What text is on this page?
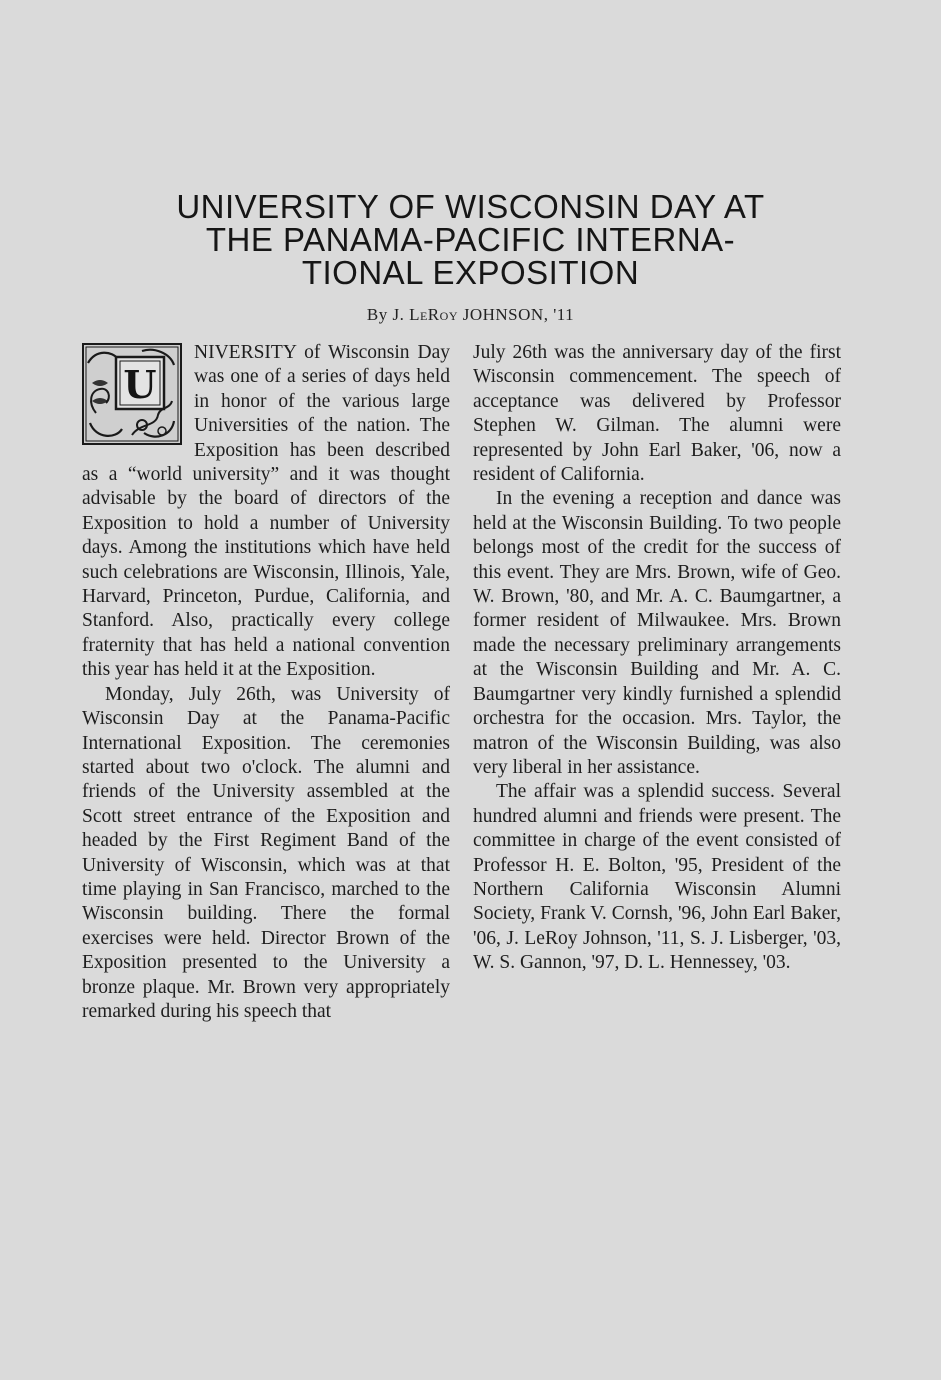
UNIVERSITY OF WISCONSIN DAY AT
THE PANAMA-PACIFIC INTERNA-
TIONAL EXPOSITION
By J. LeRoy JOHNSON, '11
U

NIVERSITY of Wisconsin Day was one of a series of days held in honor of the various large Universities of the nation. The Exposition has been described as a “world university” and it was thought advisable by the board of directors of the Exposition to hold a number of University days. Among the institutions which have held such celebrations are Wisconsin, Illinois, Yale, Harvard, Princeton, Purdue, California, and Stanford. Also, practically every college fraternity that has held a national convention this year has held it at the Exposition.

Monday, July 26th, was University of Wisconsin Day at the Panama-Pacific International Exposition. The ceremonies started about two o'clock. The alumni and friends of the University assembled at the Scott street entrance of the Exposition and headed by the First Regiment Band of the University of Wisconsin, which was at that time playing in San Francisco, marched to the Wisconsin building. There the formal exercises were held. Director Brown of the Exposition presented to the University a bronze plaque. Mr. Brown very appropriately remarked during his speech that

July 26th was the anniversary day of the first Wisconsin commencement. The speech of acceptance was delivered by Professor Stephen W. Gilman. The alumni were represented by John Earl Baker, '06, now a resident of California.

In the evening a reception and dance was held at the Wisconsin Building. To two people belongs most of the credit for the success of this event. They are Mrs. Brown, wife of Geo. W. Brown, '80, and Mr. A. C. Baumgartner, a former resident of Milwaukee. Mrs. Brown made the necessary preliminary arrangements at the Wisconsin Building and Mr. A. C. Baumgartner very kindly furnished a splendid orchestra for the occasion. Mrs. Taylor, the matron of the Wisconsin Building, was also very liberal in her assistance.

The affair was a splendid success. Several hundred alumni and friends were present. The committee in charge of the event consisted of Professor H. E. Bolton, '95, President of the Northern California Wisconsin Alumni Society, Frank V. Cornsh, '96, John Earl Baker, '06, J. LeRoy Johnson, '11, S. J. Lisberger, '03, W. S. Gannon, '97, D. L. Hennessey, '03.
